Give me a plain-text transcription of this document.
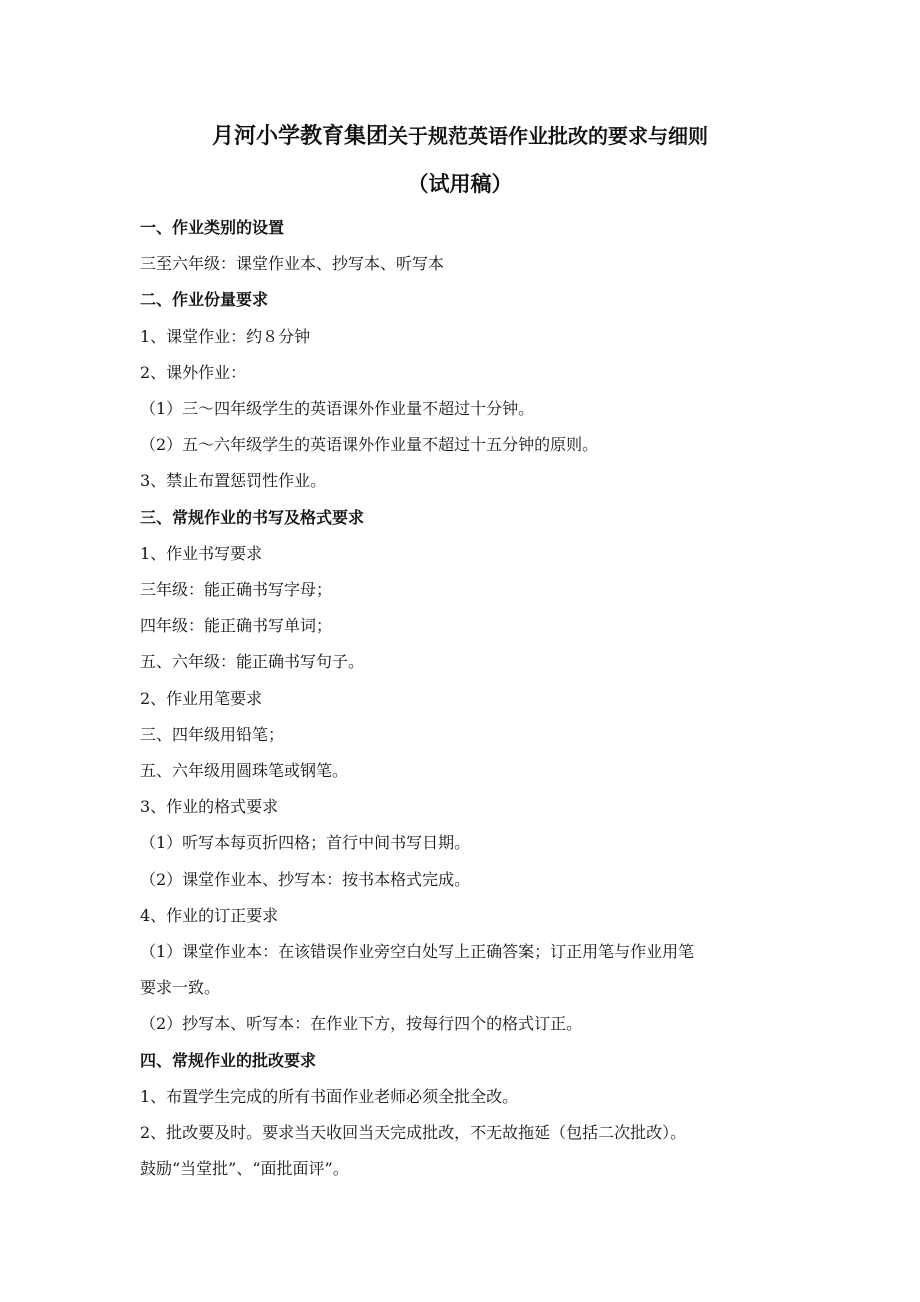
月河小学教育集团关于规范英语作业批改的要求与细则
（试用稿）
一、作业类别的设置
三至六年级：课堂作业本、抄写本、听写本
二、作业份量要求
1、课堂作业：约８分钟
2、课外作业：
（1）三～四年级学生的英语课外作业量不超过十分钟。
（2）五～六年级学生的英语课外作业量不超过十五分钟的原则。
3、禁止布置惩罚性作业。
三、常规作业的书写及格式要求
1、作业书写要求
三年级：能正确书写字母；
四年级：能正确书写单词；
五、六年级：能正确书写句子。
2、作业用笔要求
三、四年级用铅笔；
五、六年级用圆珠笔或钢笔。
3、作业的格式要求
（1）听写本每页折四格；首行中间书写日期。
（2）课堂作业本、抄写本：按书本格式完成。
4、作业的订正要求
（1）课堂作业本：在该错误作业旁空白处写上正确答案；订正用笔与作业用笔
要求一致。
（2）抄写本、听写本：在作业下方，按每行四个的格式订正。
四、常规作业的批改要求
1、布置学生完成的所有书面作业老师必须全批全改。
2、批改要及时。要求当天收回当天完成批改，不无故拖延（包括二次批改）。
鼓励“当堂批”、“面批面评”。
